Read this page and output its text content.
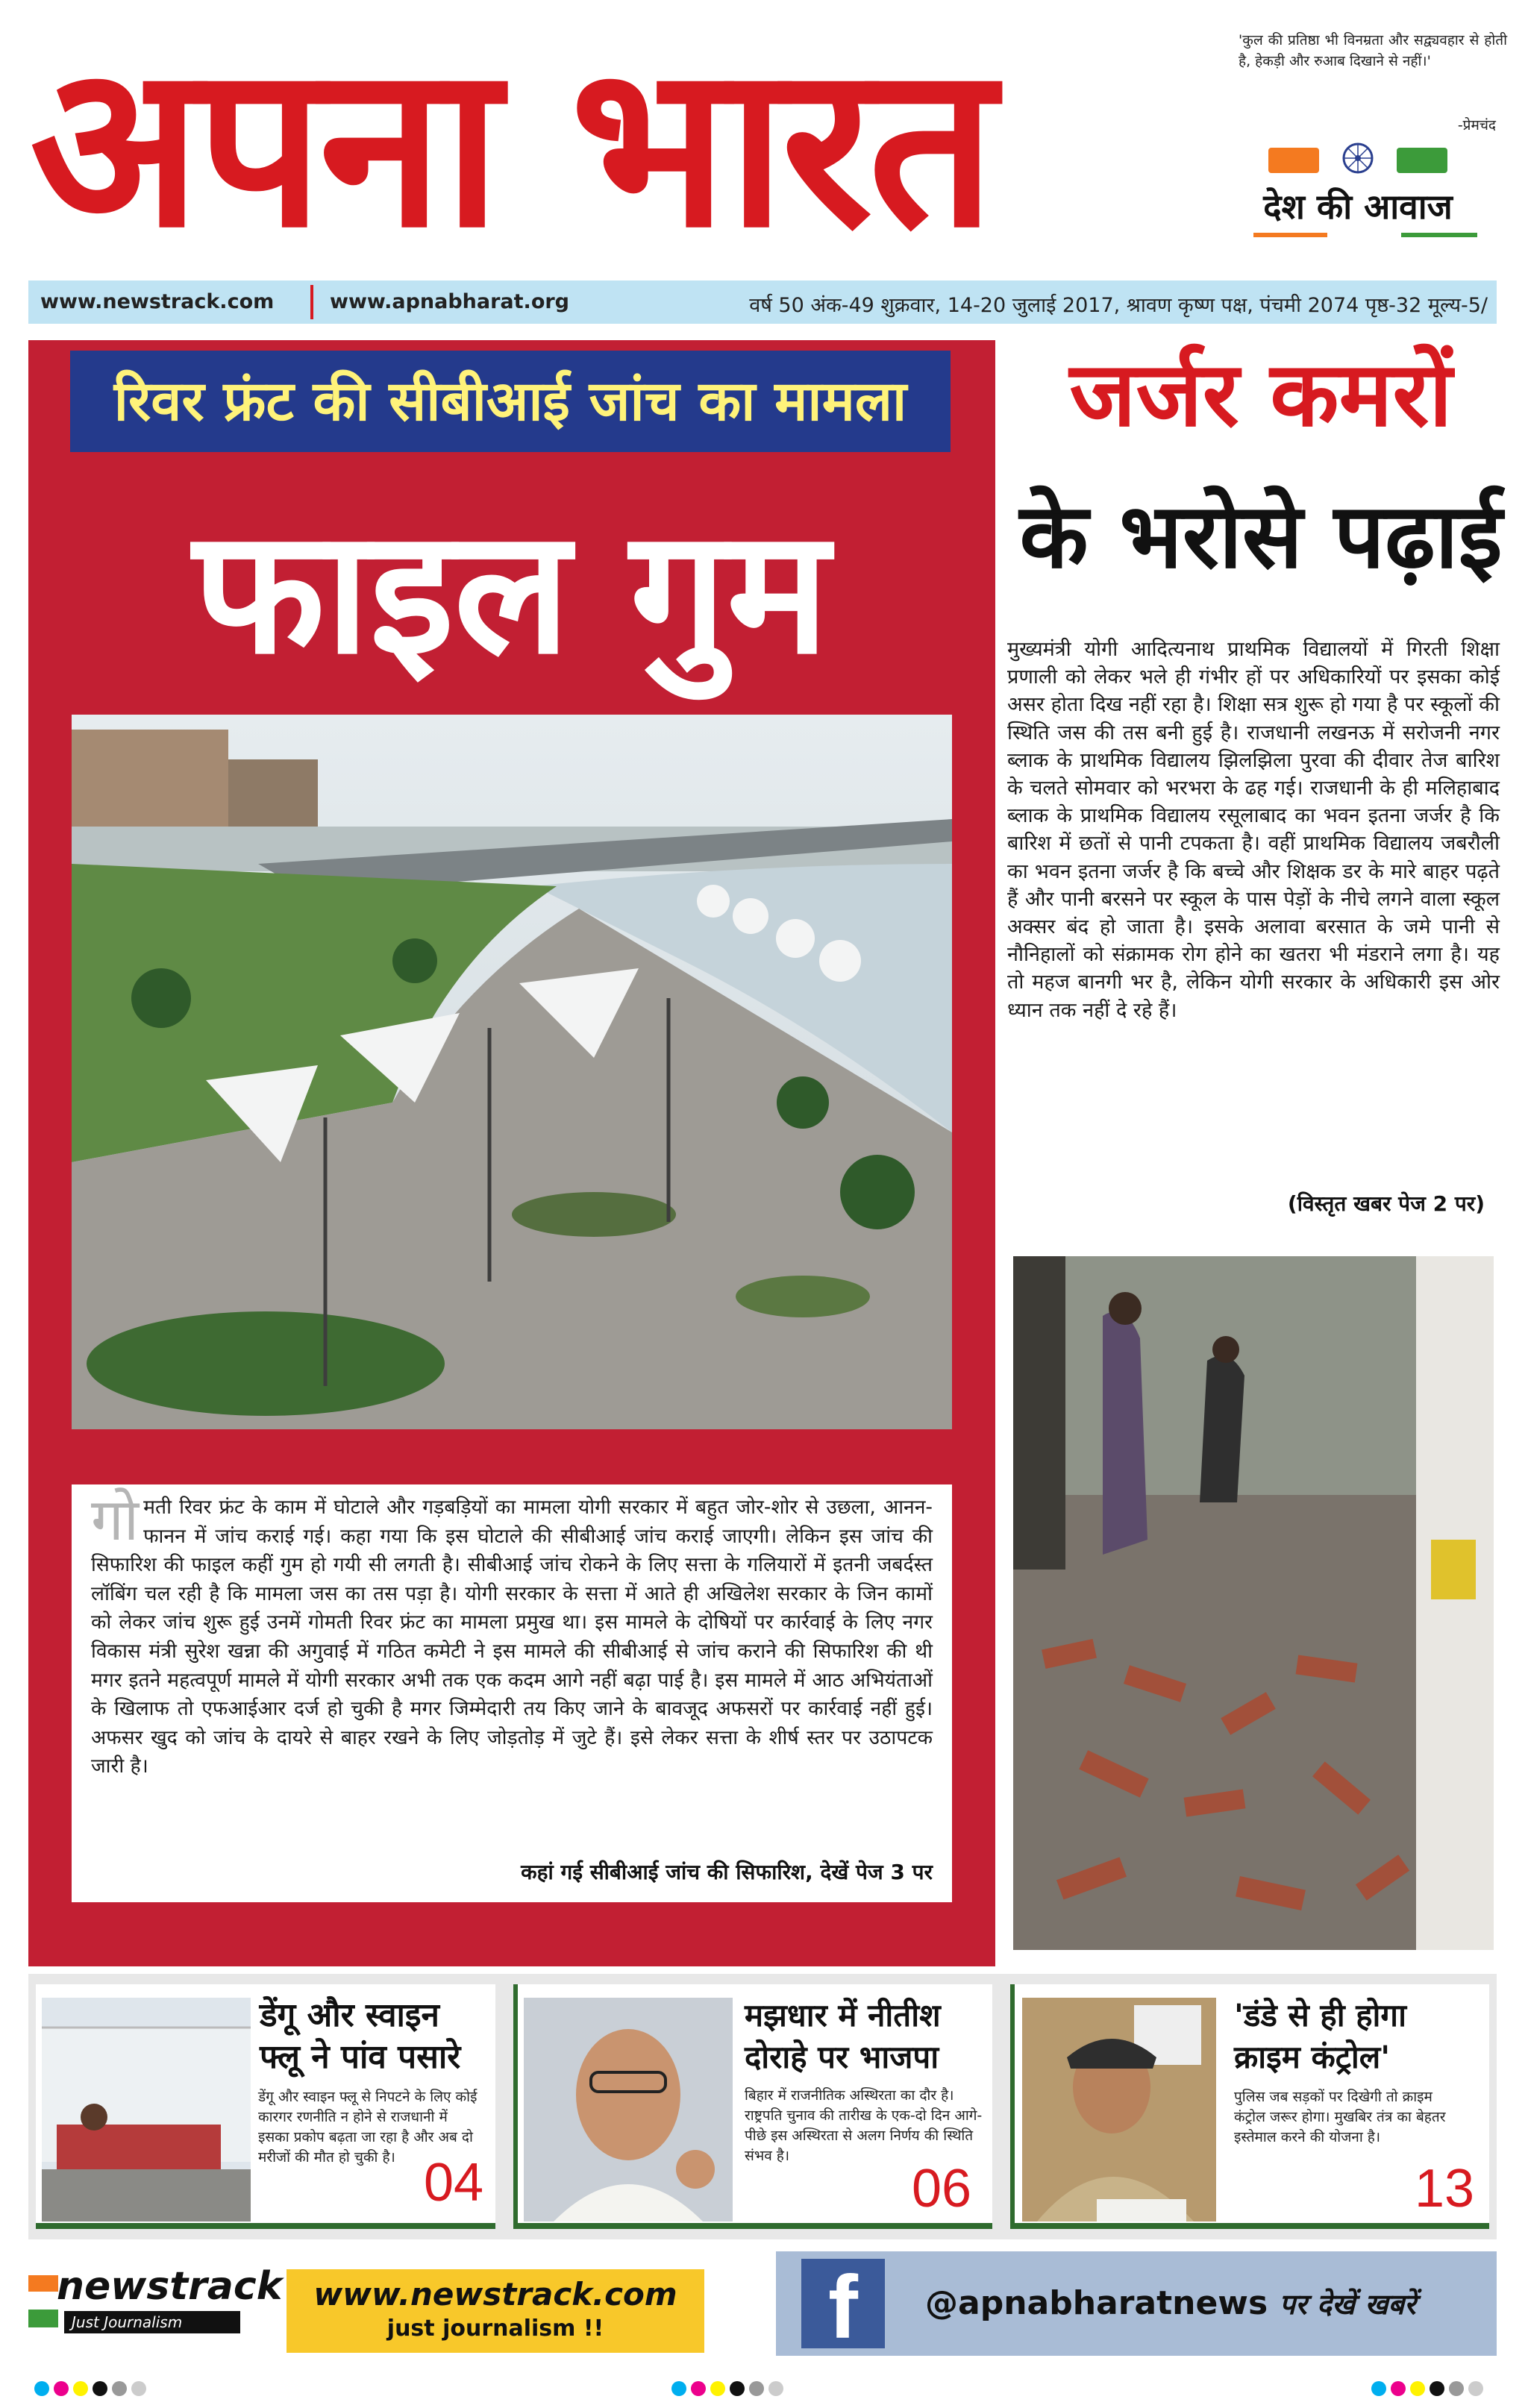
अपना भारत	'कुल की प्रतिष्ठा भी विनम्रता और सद्व्यवहार से होती है, हेकड़ी और रुआब दिखाने से नहीं।'
-प्रेमचंद
देश की आवाज
www.newstrack.com	www.apnabharat.org	वर्ष 50 अंक-49 शुक्रवार, 14-20 जुलाई 2017, श्रावण कृष्ण पक्ष, पंचमी 2074 पृष्ठ-32 मूल्य-5/
रिवर फ्रंट की सीबीआई जांच का मामला
फाइल गुम
गोमती रिवर फ्रंट के काम में घोटाले और गड़बड़ियों का मामला योगी सरकार में बहुत जोर-शोर से उछला, आनन-फानन में जांच कराई गई। कहा गया कि इस घोटाले की सीबीआई जांच कराई जाएगी। लेकिन इस जांच की सिफारिश की फाइल कहीं गुम हो गयी सी लगती है। सीबीआई जांच रोकने के लिए सत्ता के गलियारों में इतनी जबर्दस्त लॉबिंग चल रही है कि मामला जस का तस पड़ा है। योगी सरकार के सत्ता में आते ही अखिलेश सरकार के जिन कामों को लेकर जांच शुरू हुई उनमें गोमती रिवर फ्रंट का मामला प्रमुख था। इस मामले के दोषियों पर कार्रवाई के लिए नगर विकास मंत्री सुरेश खन्ना की अगुवाई में गठित कमेटी ने इस मामले की सीबीआई से जांच कराने की सिफारिश की थी मगर इतने महत्वपूर्ण मामले में योगी सरकार अभी तक एक कदम आगे नहीं बढ़ा पाई है। इस मामले में आठ अभियंताओं के खिलाफ तो एफआईआर दर्ज हो चुकी है मगर जिम्मेदारी तय किए जाने के बावजूद अफसरों पर कार्रवाई नहीं हुई। अफसर खुद को जांच के दायरे से बाहर रखने के लिए जोड़तोड़ में जुटे हैं। इसे लेकर सत्ता के शीर्ष स्तर पर उठापटक जारी है।
कहां गई सीबीआई जांच की सिफारिश, देखें पेज 3 पर
जर्जर कमरों
के भरोसे पढ़ाई
मुख्यमंत्री योगी आदित्यनाथ प्राथमिक विद्यालयों में गिरती शिक्षा प्रणाली को लेकर भले ही गंभीर हों पर अधिकारियों पर इसका कोई असर होता दिख नहीं रहा है। शिक्षा सत्र शुरू हो गया है पर स्कूलों की स्थिति जस की तस बनी हुई है। राजधानी लखनऊ में सरोजनी नगर ब्लाक के प्राथमिक विद्यालय झिलझिला पुरवा की दीवार तेज बारिश के चलते सोमवार को भरभरा के ढह गई। राजधानी के ही मलिहाबाद ब्लाक के प्राथमिक विद्यालय रसूलाबाद का भवन इतना जर्जर है कि बारिश में छतों से पानी टपकता है। वहीं प्राथमिक विद्यालय जबरौली का भवन इतना जर्जर है कि बच्चे और शिक्षक डर के मारे बाहर पढ़ते हैं और पानी बरसने पर स्कूल के पास पेड़ों के नीचे लगने वाला स्कूल अक्सर बंद हो जाता है। इसके अलावा बरसात के जमे पानी से नौनिहालों को संक्रामक रोग होने का खतरा भी मंडराने लगा है। यह तो महज बानगी भर है, लेकिन योगी सरकार के अधिकारी इस ओर ध्यान तक नहीं दे रहे हैं।
(विस्तृत खबर पेज 2 पर)
डेंगू और स्वाइन फ्लू ने पांव पसारे
डेंगू और स्वाइन फ्लू से निपटने के लिए कोई कारगर रणनीति न होने से राजधानी में इसका प्रकोप बढ़ता जा रहा है और अब दो मरीजों की मौत हो चुकी है। 04
मझधार में नीतीश दोराहे पर भाजपा
बिहार में राजनीतिक अस्थिरता का दौर है। राष्ट्रपति चुनाव की तारीख के एक-दो दिन आगे-पीछे इस अस्थिरता से अलग निर्णय की स्थिति संभव है।
06
'डंडे से ही होगा क्राइम कंट्रोल'
पुलिस जब सड़कों पर दिखेगी तो क्राइम कंट्रोल जरूर होगा। मुखबिर तंत्र का बेहतर इस्तेमाल करने की योजना है।
13
newstrack
Just Journalism
www.newstrack.com
just journalism !!	f	@apnabharatnews पर देखें खबरें
